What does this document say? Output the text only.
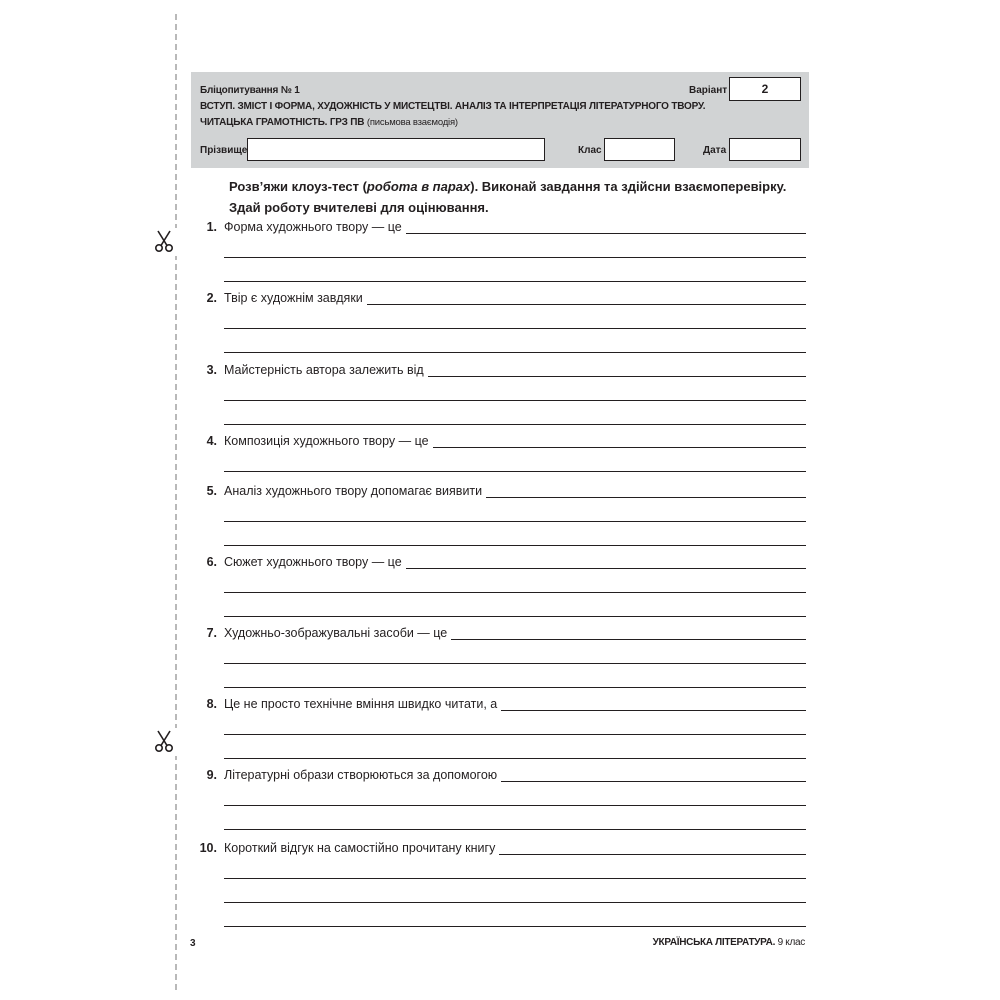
Бліцопитування № 1
ВСТУП. ЗМІСТ І ФОРМА, ХУДОЖНІСТЬ У МИСТЕЦТВІ. АНАЛІЗ ТА ІНТЕРПРЕТАЦІЯ ЛІТЕРАТУРНОГО ТВОРУ.
ЧИТАЦЬКА ГРАМОТНІСТЬ. ГРЗ ПВ (письмова взаємодія)
Варіант	2
Прізвище	Клас	Дата
Розв’яжи клоуз-тест (робота в парах). Виконай завдання та здійсни взаємоперевірку. Здай роботу вчителеві для оцінювання.
1. Форма художнього твору — це
2. Твір є художнім завдяки
3. Майстерність автора залежить від
4. Композиція художнього твору — це
5. Аналіз художнього твору допомагає виявити
6. Сюжет художнього твору — це
7. Художньо-зображувальні засоби — це
8. Це не просто технічне вміння швидко читати, а
9. Літературні образи створюються за допомогою
10. Короткий відгук на самостійно прочитану книгу
3	УКРАЇНСЬКА ЛІТЕРАТУРА. 9 клас
